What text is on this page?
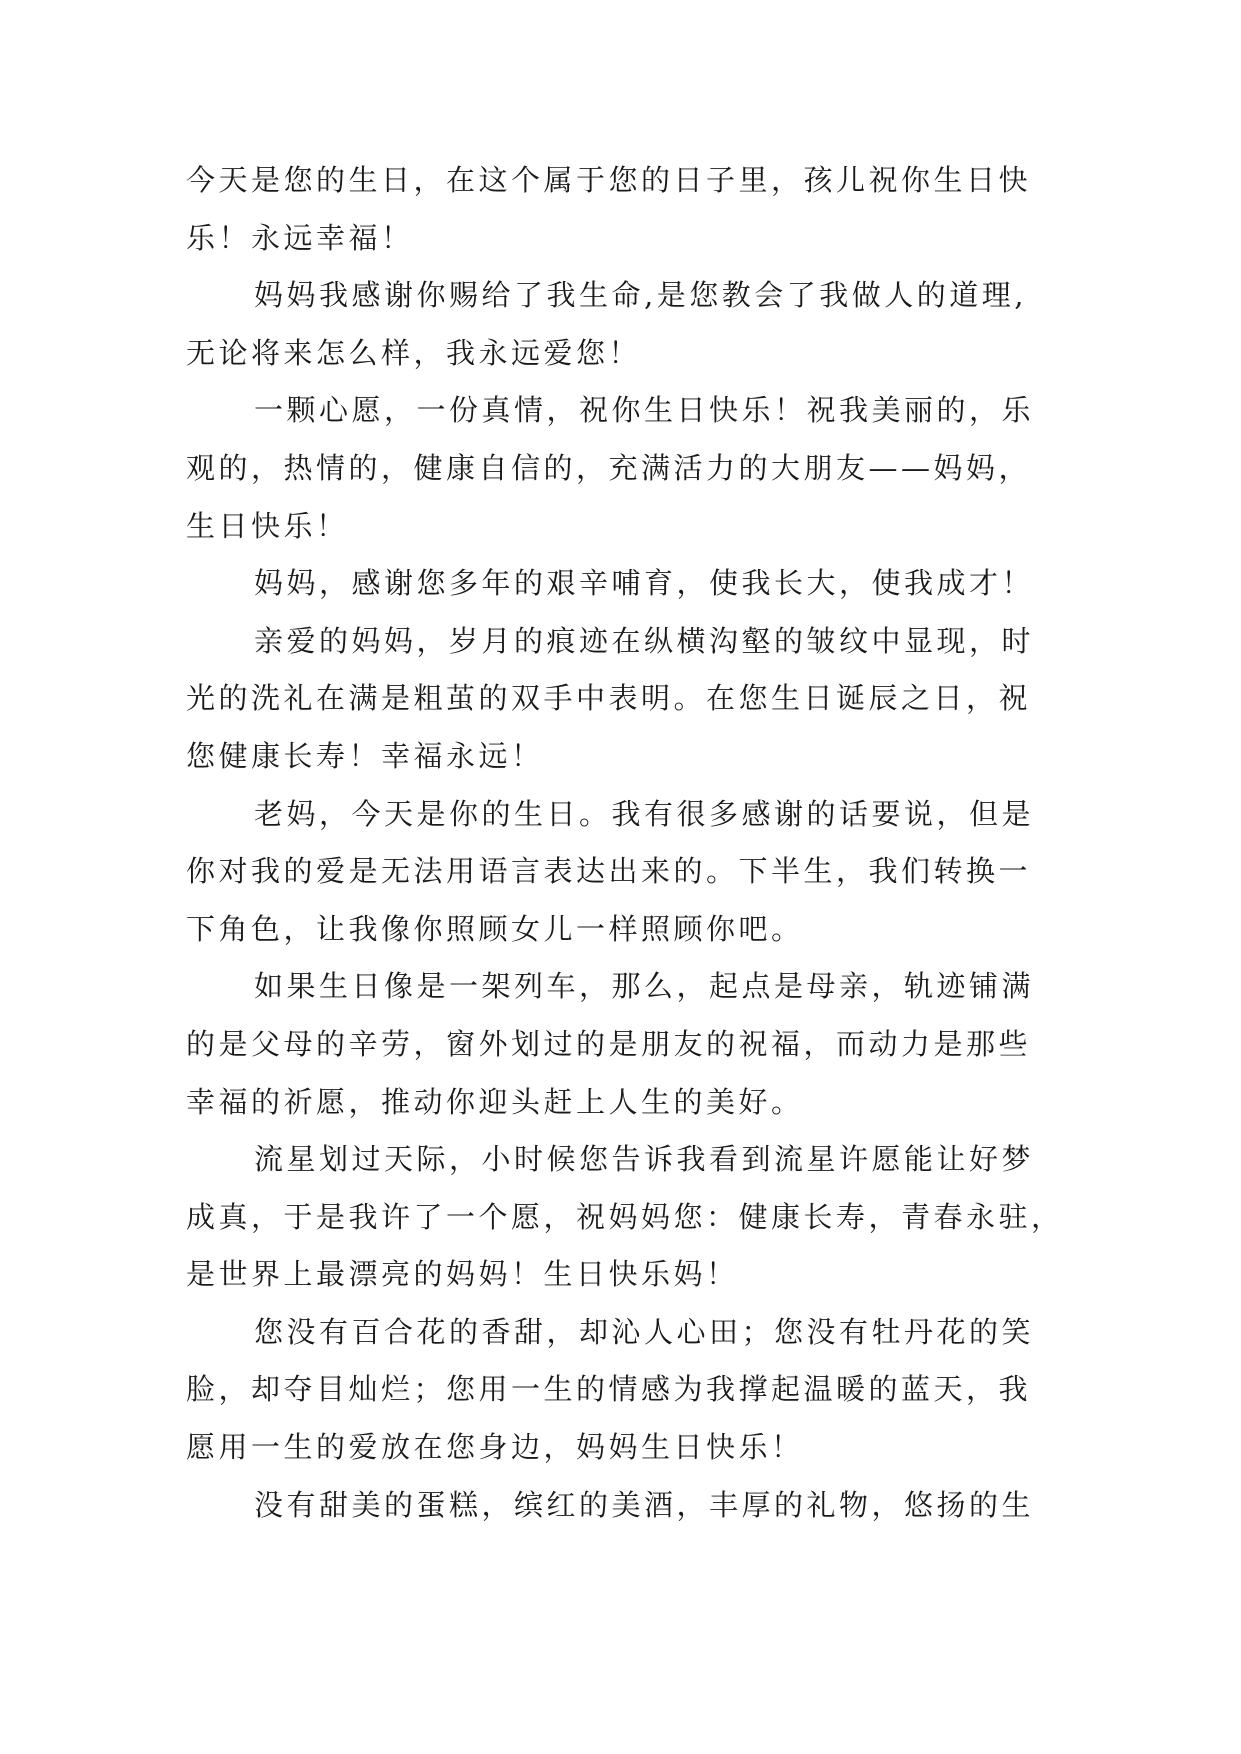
今天是您的生日，在这个属于您的日子里，孩儿祝你生日快
乐！永远幸福！
妈妈我感谢你赐给了我生命,是您教会了我做人的道理,
无论将来怎么样，我永远爱您！
一颗心愿，一份真情，祝你生日快乐！祝我美丽的，乐
观的，热情的，健康自信的，充满活力的大朋友——妈妈，
生日快乐！
妈妈，感谢您多年的艰辛哺育，使我长大，使我成才！
亲爱的妈妈，岁月的痕迹在纵横沟壑的皱纹中显现，时
光的洗礼在满是粗茧的双手中表明。在您生日诞辰之日，祝
您健康长寿！幸福永远！
老妈，今天是你的生日。我有很多感谢的话要说，但是
你对我的爱是无法用语言表达出来的。下半生，我们转换一
下角色，让我像你照顾女儿一样照顾你吧。
如果生日像是一架列车，那么，起点是母亲，轨迹铺满
的是父母的辛劳，窗外划过的是朋友的祝福，而动力是那些
幸福的祈愿，推动你迎头赶上人生的美好。
流星划过天际，小时候您告诉我看到流星许愿能让好梦
成真，于是我许了一个愿，祝妈妈您：健康长寿，青春永驻，
是世界上最漂亮的妈妈！生日快乐妈！
您没有百合花的香甜，却沁人心田；您没有牡丹花的笑
脸，却夺目灿烂；您用一生的情感为我撑起温暖的蓝天，我
愿用一生的爱放在您身边，妈妈生日快乐！
没有甜美的蛋糕，缤红的美酒，丰厚的礼物，悠扬的生
